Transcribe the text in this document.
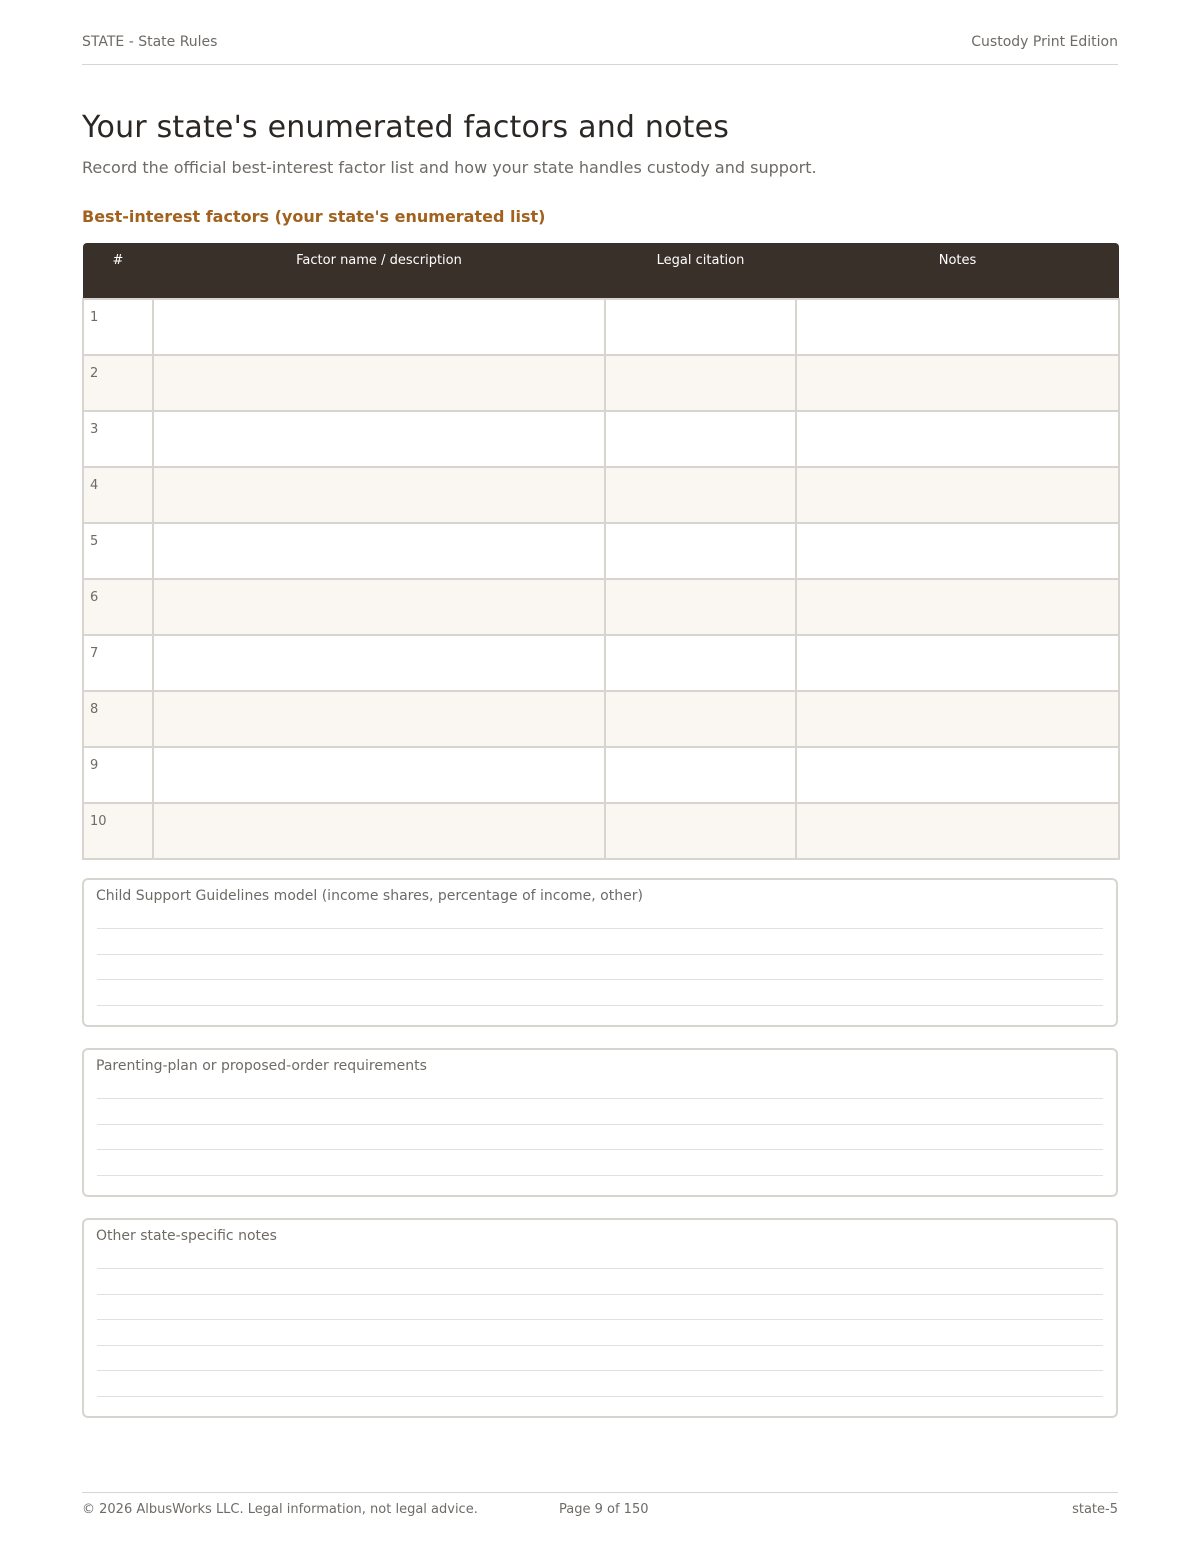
STATE - State Rules	Custody Print Edition
Your state's enumerated factors and notes

Record the official best-interest factor list and how your state handles custody and support.

Best-interest factors (your state's enumerated list)
#	Factor name / description	Legal citation	Notes
1			
2			
3			
4			
5			
6			
7			
8			
9			
10			
Child Support Guidelines model (income shares, percentage of income, other)
Parenting-plan or proposed-order requirements
Other state-specific notes
© 2026 AlbusWorks LLC. Legal information, not legal advice.	Page 9 of 150	state-5
